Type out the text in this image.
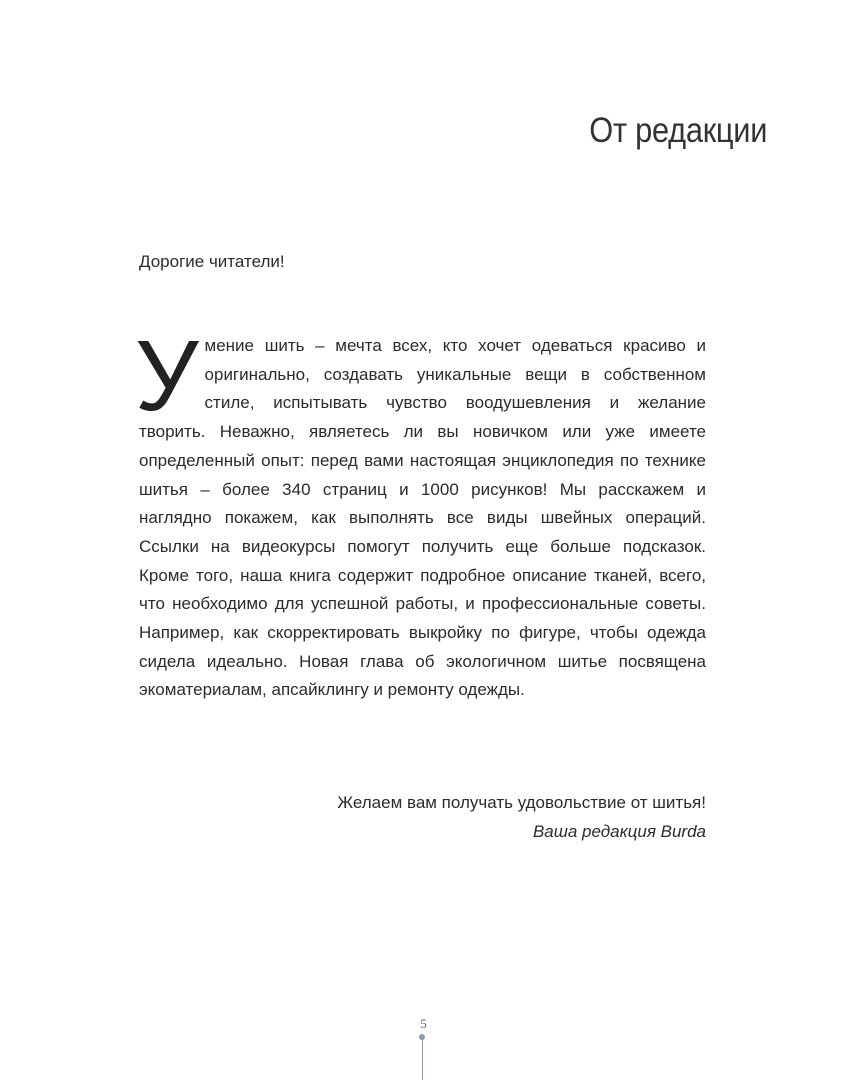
От редакции
Дорогие читатели!
У мение шить – мечта всех, кто хочет одеваться красиво и оригинально, создавать уникальные вещи в собственном стиле, испытывать чувство воодушевления и желание творить. Неважно, являетесь ли вы новичком или уже имеете определенный опыт: перед вами настоящая энциклопедия по технике шитья – более 340 страниц и 1000 рисунков! Мы расскажем и наглядно покажем, как выполнять все виды швейных операций. Ссылки на видеокурсы помогут получить еще больше подсказок. Кроме того, наша книга содержит подробное описание тканей, всего, что необходимо для успешной работы, и профессиональные советы. Например, как скорректировать выкройку по фигуре, чтобы одежда сидела идеально. Новая глава об экологичном шитье посвящена экоматериалам, апсайклингу и ремонту одежды.
Желаем вам получать удовольствие от шитья!
Ваша редакция Burda
5
